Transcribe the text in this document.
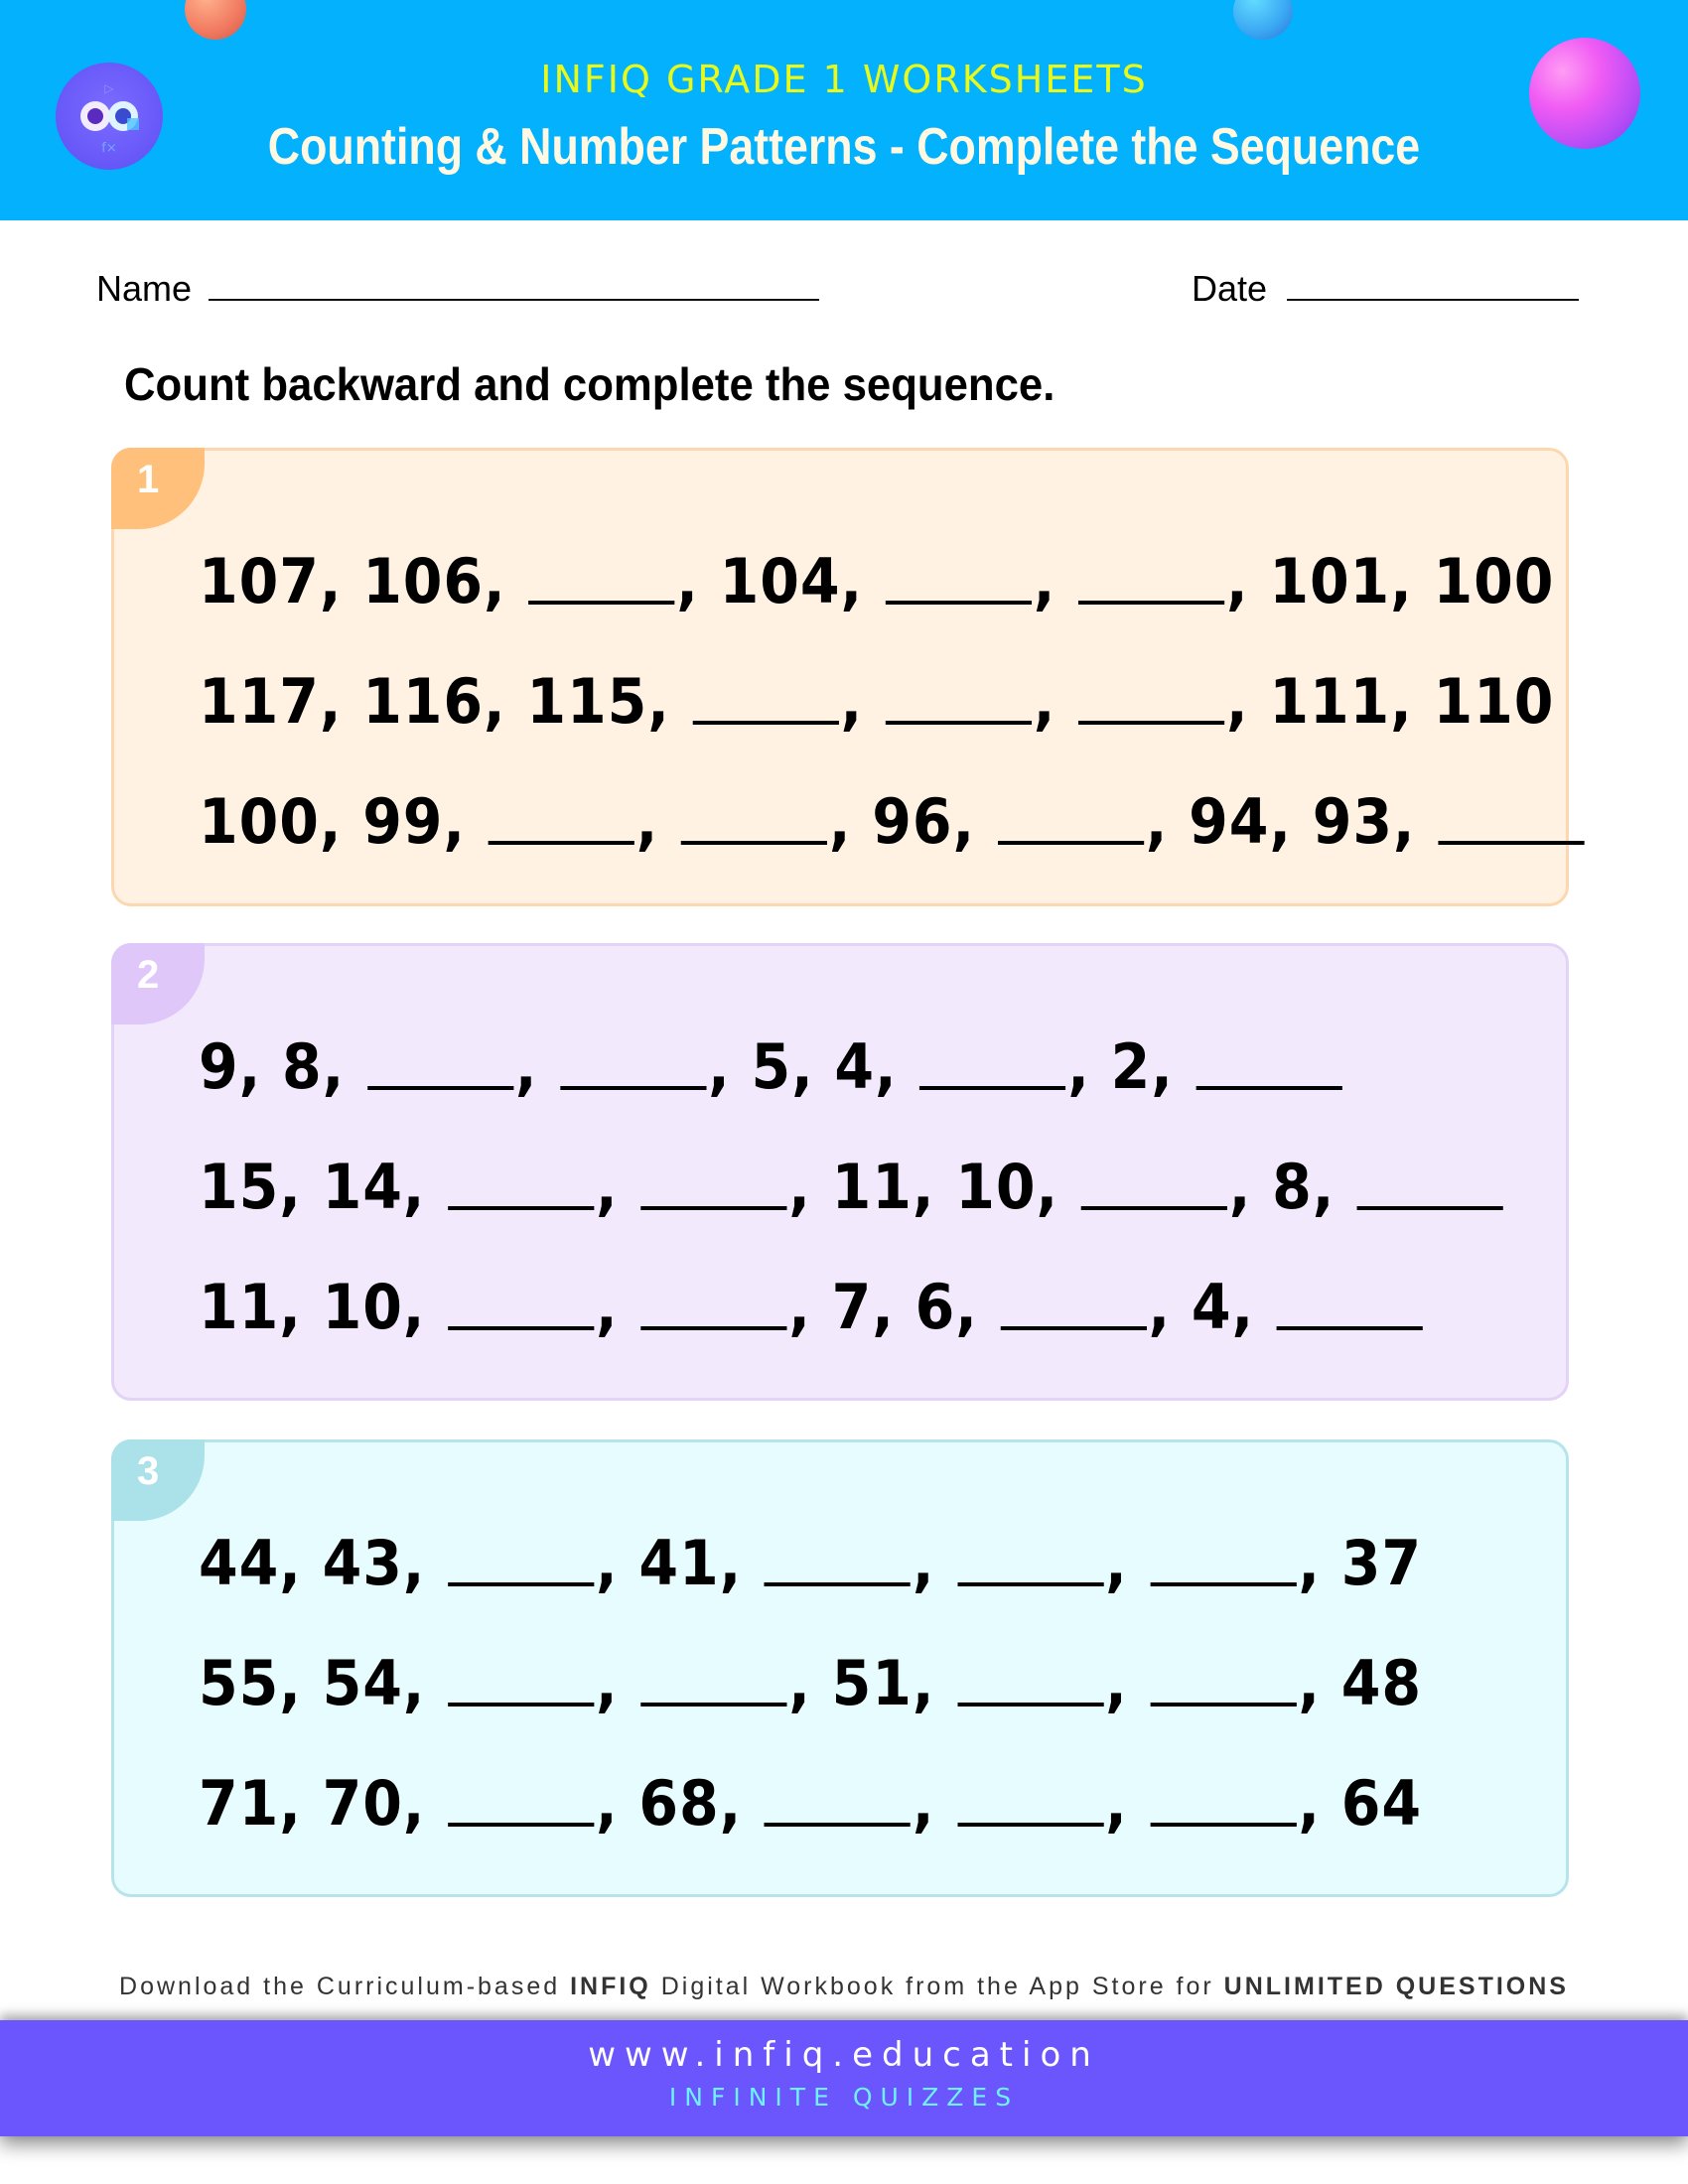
▷
f×
INFIQ GRADE 1 WORKSHEETS
Counting & Number Patterns - Complete the Sequence
Name	Date
Count backward and complete the sequence.
1
107, 106, , 104, , , 101, 100
117, 116, 115, , , , 111, 110
100, 99, , , 96, , 94, 93,
2
9, 8, , , 5, 4, , 2,
15, 14, , , 11, 10, , 8,
11, 10, , , 7, 6, , 4,
3
44, 43, , 41, , , , 37
55, 54, , , 51, , , 48
71, 70, , 68, , , , 64
Download the Curriculum-based INFIQ Digital Workbook from the App Store for UNLIMITED QUESTIONS
www.infiq.education
INFINITE QUIZZES
